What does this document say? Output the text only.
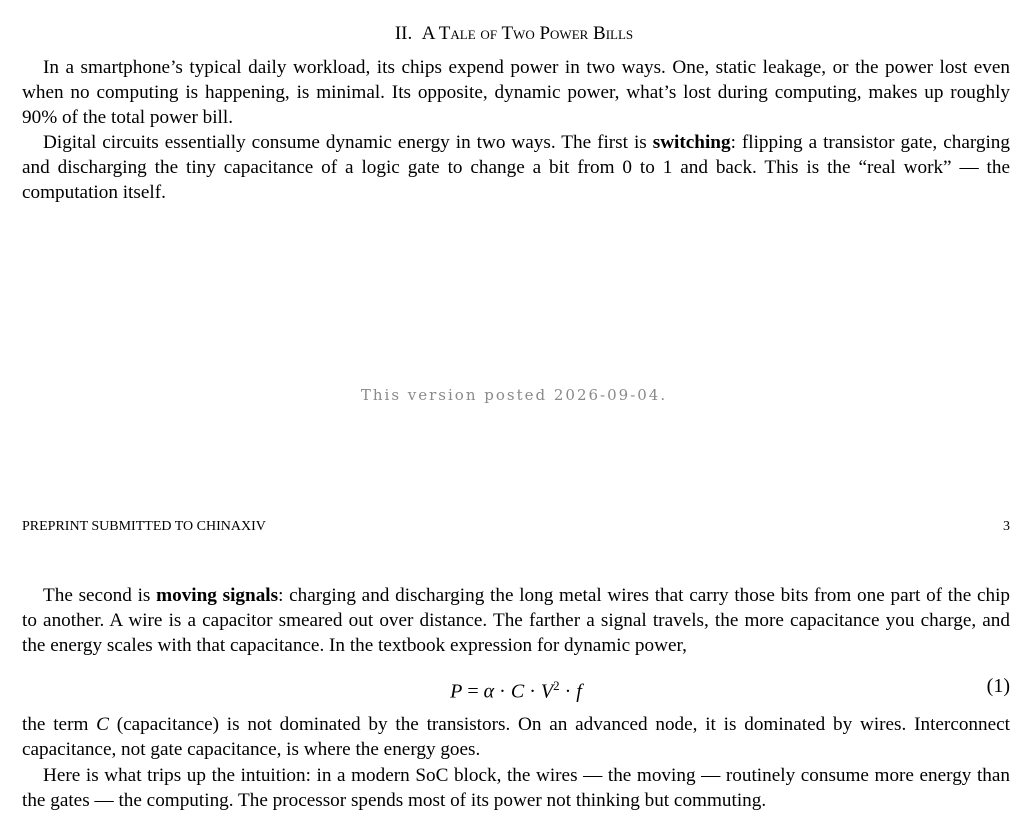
II. A Tale of Two Power Bills
In a smartphone’s typical daily workload, its chips expend power in two ways. One, static leakage, or the power lost even when no computing is happening, is minimal. Its opposite, dynamic power, what’s lost during computing, makes up roughly 90% of the total power bill.
Digital circuits essentially consume dynamic energy in two ways. The first is switching: flipping a transistor gate, charging and discharging the tiny capacitance of a logic gate to change a bit from 0 to 1 and back. This is the “real work” — the computation itself.
This version posted 2026-09-04.
PREPRINT SUBMITTED TO CHINAXIV	3
The second is moving signals: charging and discharging the long metal wires that carry those bits from one part of the chip to another. A wire is a capacitor smeared out over distance. The farther a signal travels, the more capacitance you charge, and the energy scales with that capacitance. In the textbook expression for dynamic power,
$P = \alpha \cdot C \cdot V^2 \cdot f$	(1)
the term C (capacitance) is not dominated by the transistors. On an advanced node, it is dominated by wires. Interconnect capacitance, not gate capacitance, is where the energy goes.
Here is what trips up the intuition: in a modern SoC block, the wires — the moving — routinely consume more energy than the gates — the computing. The processor spends most of its power not thinking but commuting.
